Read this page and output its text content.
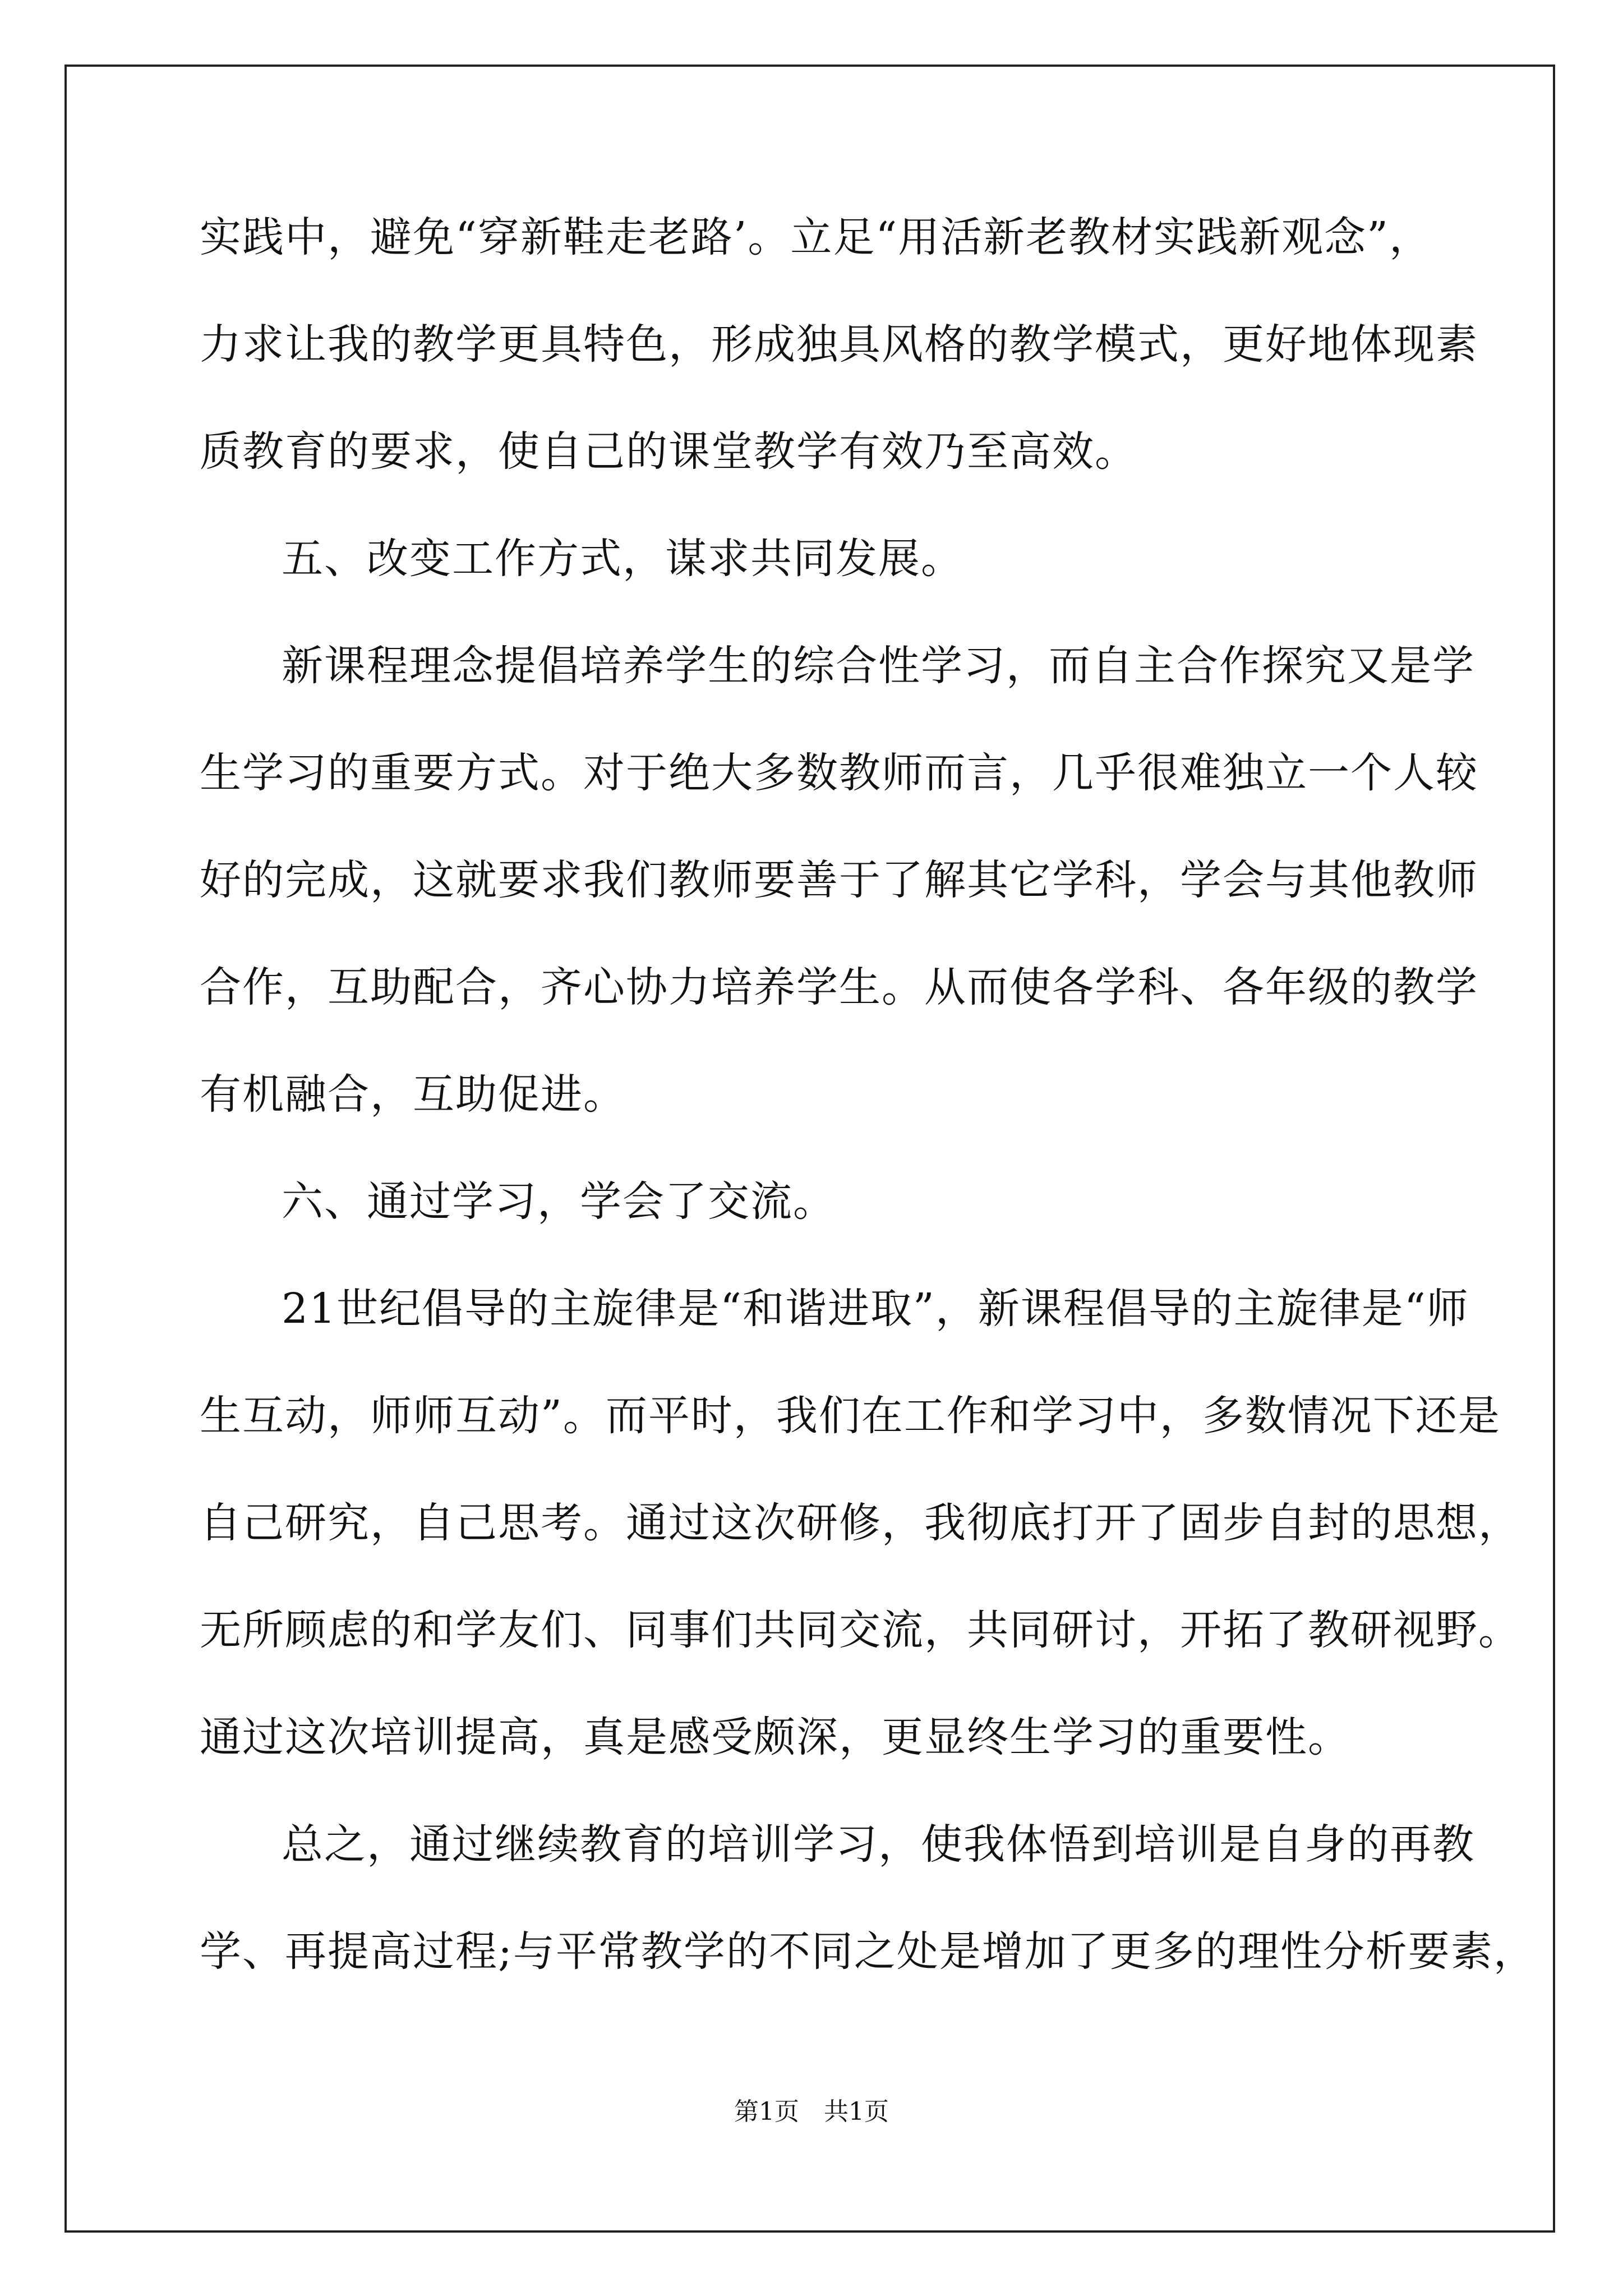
实践中，避免“穿新鞋走老路’。立足“用活新老教材实践新观念”，
力求让我的教学更具特色，形成独具风格的教学模式，更好地体现素
质教育的要求，使自己的课堂教学有效乃至高效。
五、改变工作方式，谋求共同发展。
新课程理念提倡培养学生的综合性学习，而自主合作探究又是学
生学习的重要方式。对于绝大多数教师而言，几乎很难独立一个人较
好的完成，这就要求我们教师要善于了解其它学科，学会与其他教师
合作，互助配合，齐心协力培养学生。从而使各学科、各年级的教学
有机融合，互助促进。
六、通过学习，学会了交流。
21世纪倡导的主旋律是“和谐进取”，新课程倡导的主旋律是“师
生互动，师师互动”。而平时，我们在工作和学习中，多数情况下还是
自己研究，自己思考。通过这次研修，我彻底打开了固步自封的思想，
无所顾虑的和学友们、同事们共同交流，共同研讨，开拓了教研视野。
通过这次培训提高，真是感受颇深，更显终生学习的重要性。
总之，通过继续教育的培训学习，使我体悟到培训是自身的再教
学、再提高过程;与平常教学的不同之处是增加了更多的理性分析要素，
第1页　共1页
